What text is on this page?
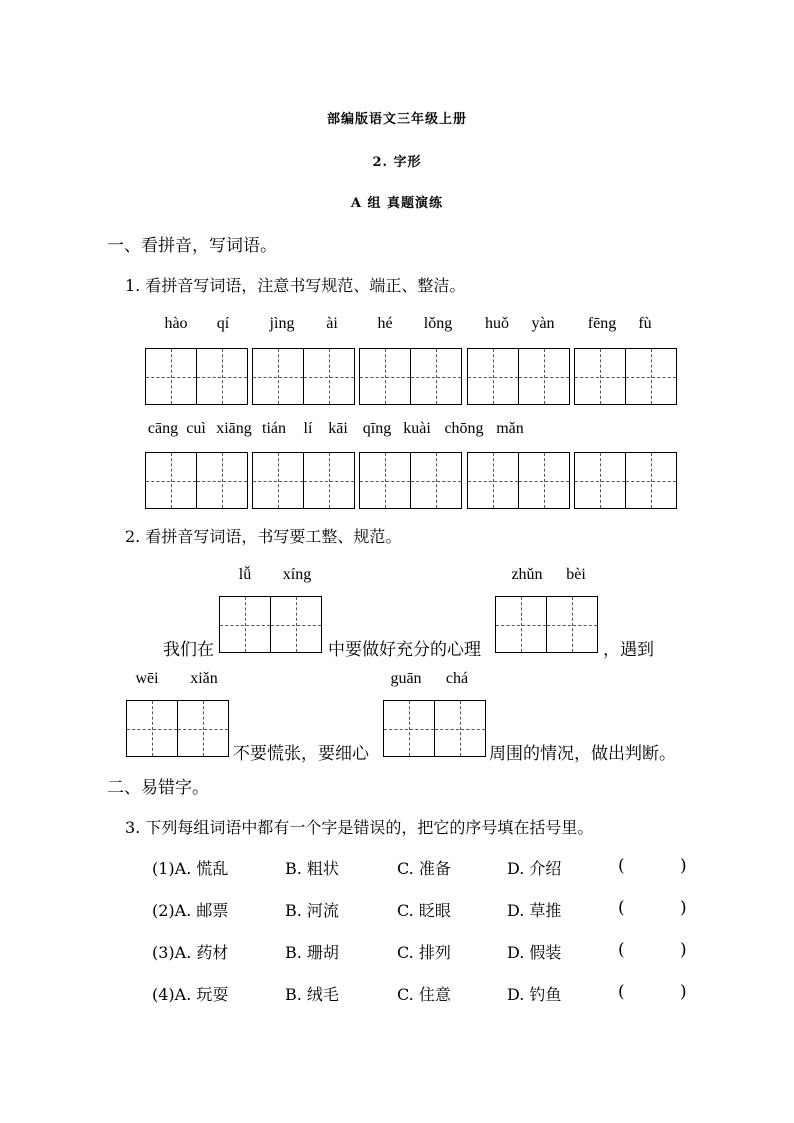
部编版语文三年级上册
2. 字形
A 组 真题演练
一、看拼音，写词语。
1. 看拼音写词语，注意书写规范、端正、整洁。
hào	qí	jìng	ài	hé	lǒng	huǒ	yàn	fēng	fù
cāng cuì xiāng tián	lí kāi qīng kuài chōng mǎn
2. 看拼音写词语，书写要工整、规范。
lǚ	xíng	zhǔn	bèi
我们在	中要做好充分的心理	，遇到
wēi	xiǎn	guān	chá
不要慌张，要细心	周围的情况，做出判断。
二、易错字。
3. 下列每组词语中都有一个字是错误的，把它的序号填在括号里。
(1)A. 慌乱	B. 粗状	C. 准备	D. 介绍	(	)
(2)A. 邮票	B. 河流	C. 眨眼	D. 草推	(	)
(3)A. 药材	B. 珊胡	C. 排列	D. 假装	(	)
(4)A. 玩耍	B. 绒毛	C. 住意	D. 钓鱼	(	)
